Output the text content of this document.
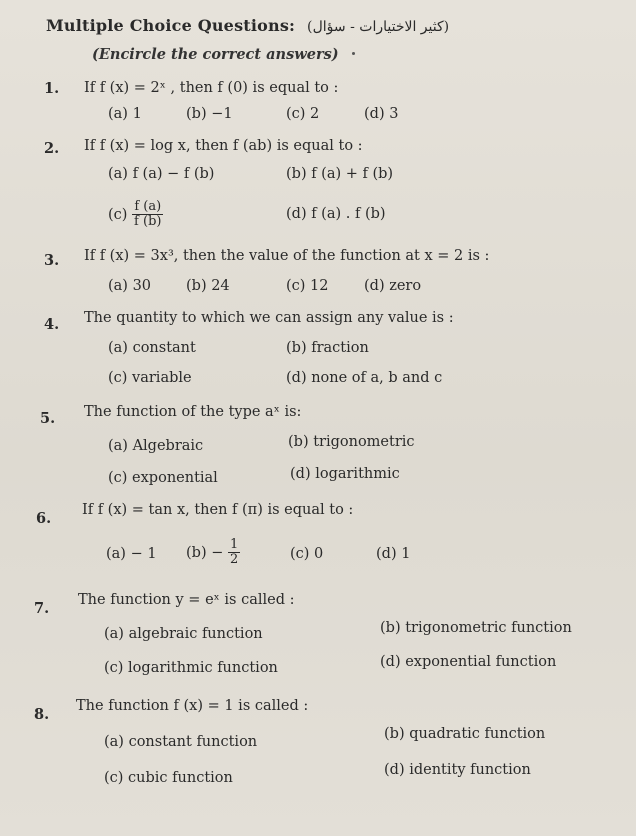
Multiple Choice Questions: (كثير الاختيارات - سؤال)
(Encircle the correct answers)
1. If f (x) = 2ˣ , then f (0) is equal to :
(a) 1	(b) −1	(c) 2	(d) 3
2. If f (x) = log x, then f (ab) is equal to :
(a) f (a) − f (b)	(b) f (a) + f (b)
$(c) \frac{f (a)}{f (b)}$	(d) f (a) . f (b)
3. If f (x) = 3x³, then the value of the function at x = 2 is :
(a) 30 (b) 24	(c) 12 (d) zero
4. The quantity to which we can assign any value is :
(a) constant	(b) fraction
(c) variable	(d) none of a, b and c
5. The function of the type aˣ is:
(a) Algebraic	(b) trigonometric
(c) exponential	(d) logarithmic
6. If f (x) = tan x, then f (π) is equal to :
(a) − 1 $(b) - \frac{1}{2}$	(c) 0	(d) 1
7. The function y = eˣ is called :
(a) algebraic function	(b) trigonometric function
(c) logarithmic function	(d) exponential function
8. The function f (x) = 1 is called :
(a) constant function	(b) quadratic function
(c) cubic function	(d) identity function
